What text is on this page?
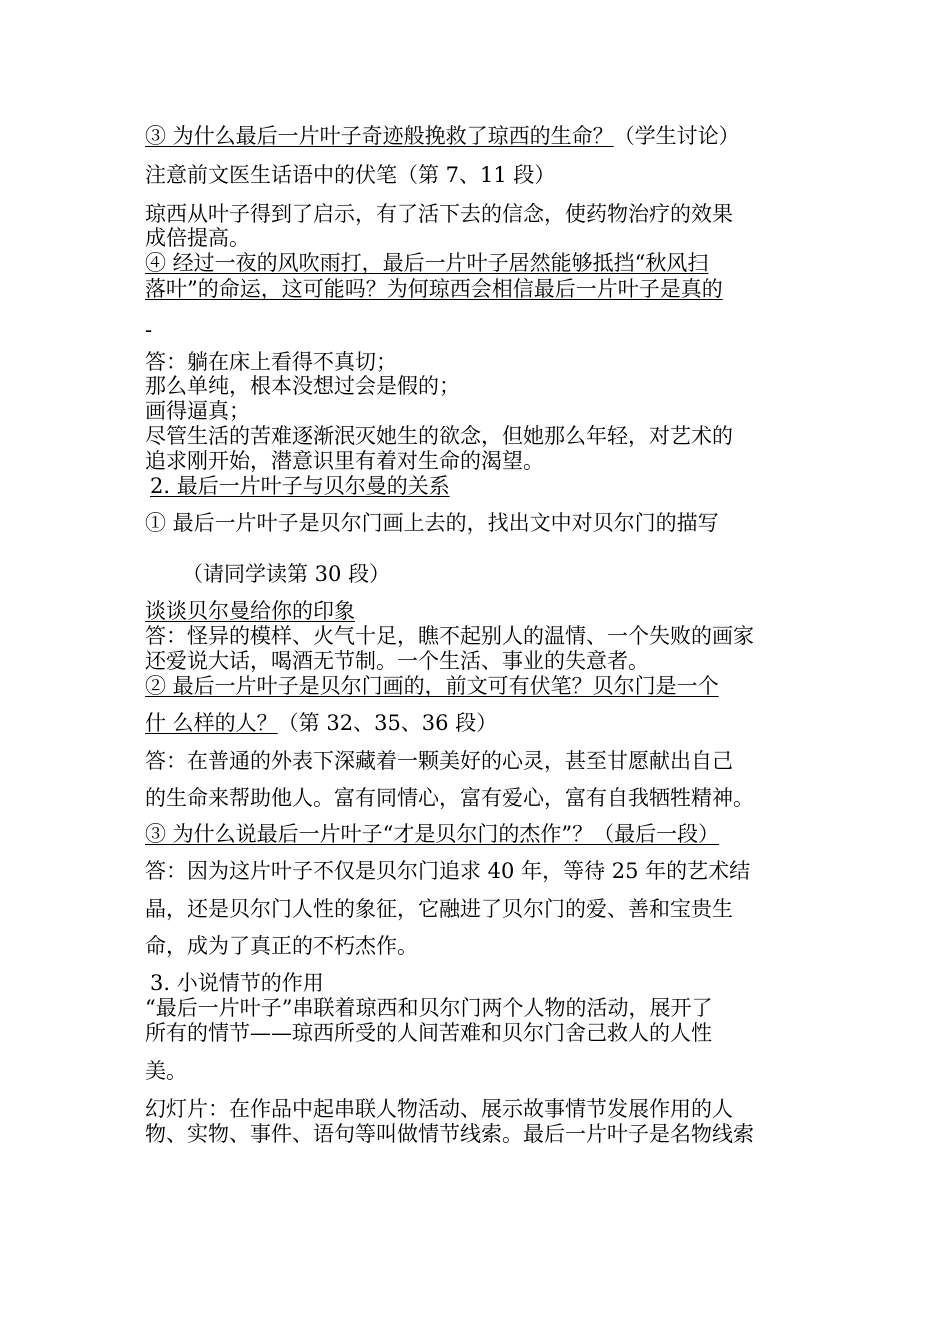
③ 为什么最后一片叶子奇迹般挽救了琼西的生命？（学生讨论）
注意前文医生话语中的伏笔（第 7、11 段）
琼西从叶子得到了启示，有了活下去的信念，使药物治疗的效果
成倍提高。
④ 经过一夜的风吹雨打，最后一片叶子居然能够抵挡“秋风扫
落叶”的命运，这可能吗？为何琼西会相信最后一片叶子是真的
-
答：躺在床上看得不真切；
那么单纯，根本没想过会是假的；
画得逼真；
尽管生活的苦难逐渐泯灭她生的欲念，但她那么年轻，对艺术的
追求刚开始，潜意识里有着对生命的渴望。
2. 最后一片叶子与贝尔曼的关系
① 最后一片叶子是贝尔门画上去的，找出文中对贝尔门的描写
（请同学读第 30 段）
谈谈贝尔曼给你的印象
答：怪异的模样、火气十足，瞧不起别人的温情、一个失败的画家
还爱说大话，喝酒无节制。一个生活、事业的失意者。
② 最后一片叶子是贝尔门画的，前文可有伏笔？贝尔门是一个
什 么样的人？（第 32、35、36 段）
答：在普通的外表下深藏着一颗美好的心灵，甚至甘愿献出自己
的生命来帮助他人。富有同情心，富有爱心，富有自我牺牲精神。
③ 为什么说最后一片叶子“才是贝尔门的杰作”？（最后一段）
答：因为这片叶子不仅是贝尔门追求 40 年，等待 25 年的艺术结
晶，还是贝尔门人性的象征，它融进了贝尔门的爱、善和宝贵生
命，成为了真正的不朽杰作。
3. 小说情节的作用
“最后一片叶子”串联着琼西和贝尔门两个人物的活动，展开了
所有的情节——琼西所受的人间苦难和贝尔门舍己救人的人性
美。
幻灯片：在作品中起串联人物活动、展示故事情节发展作用的人
物、实物、事件、语句等叫做情节线索。最后一片叶子是名物线索
